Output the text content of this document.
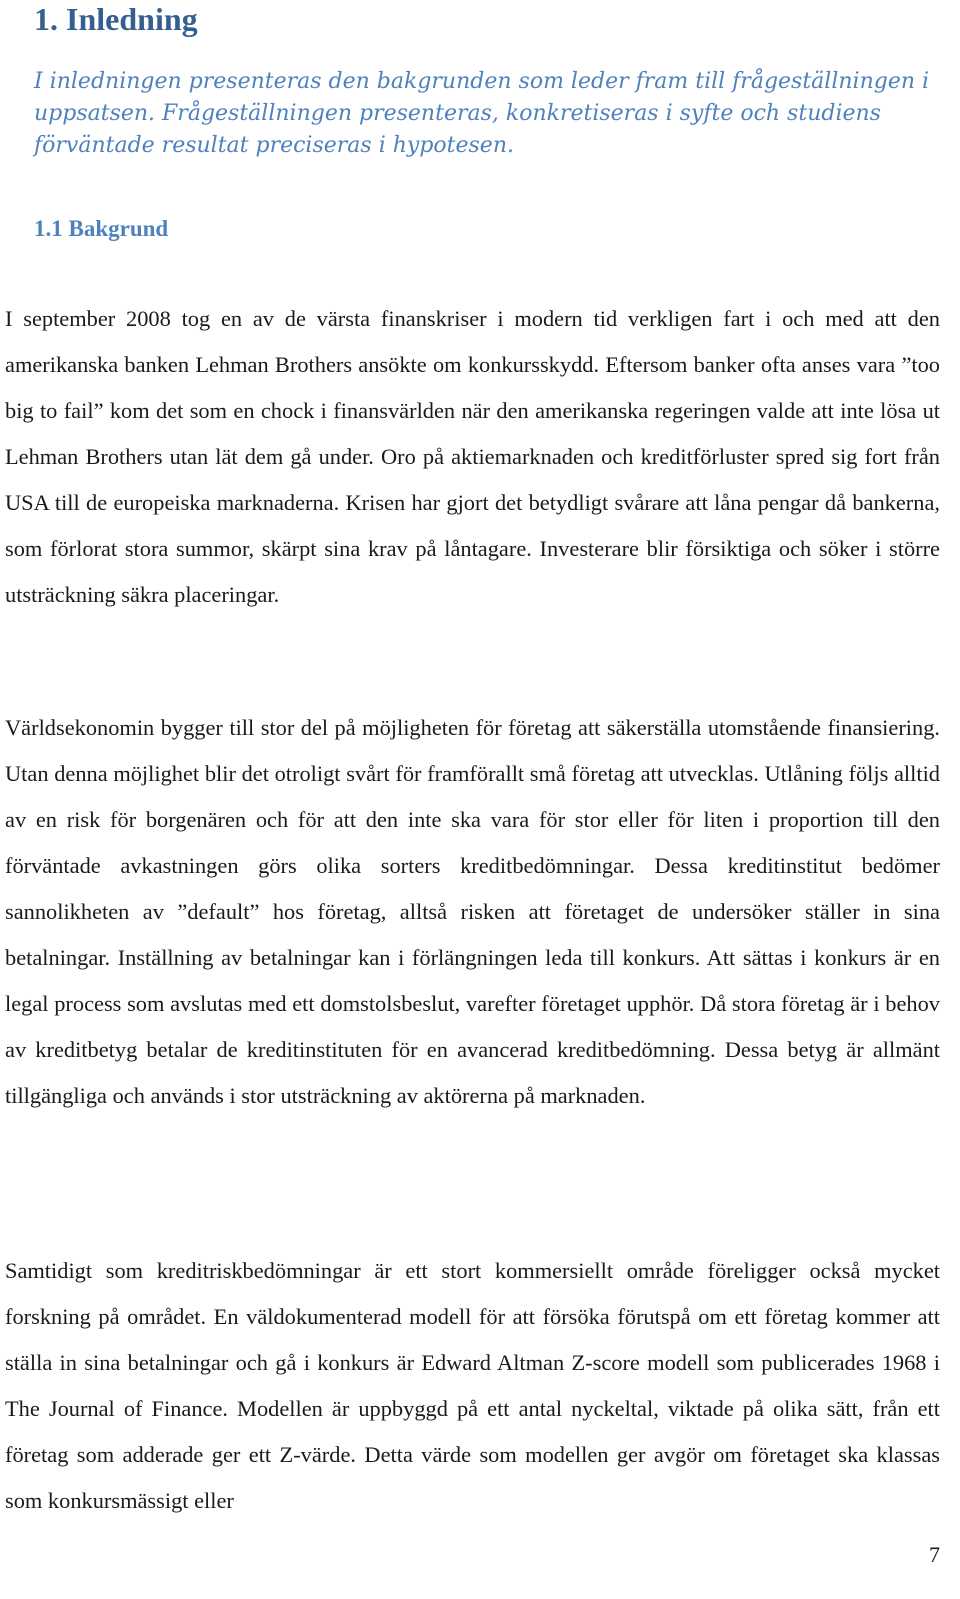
1. Inledning

I inledningen presenteras den bakgrunden som leder fram till frågeställningen i uppsatsen. Frågeställningen presenteras, konkretiseras i syfte och studiens förväntade resultat preciseras i hypotesen.

1.1 Bakgrund

I september 2008 tog en av de värsta finanskriser i modern tid verkligen fart i och med att den amerikanska banken Lehman Brothers ansökte om konkursskydd. Eftersom banker ofta anses vara ”too big to fail” kom det som en chock i finansvärlden när den amerikanska regeringen valde att inte lösa ut Lehman Brothers utan lät dem gå under. Oro på aktiemarknaden och kreditförluster spred sig fort från USA till de europeiska marknaderna. Krisen har gjort det betydligt svårare att låna pengar då bankerna, som förlorat stora summor, skärpt sina krav på låntagare. Investerare blir försiktiga och söker i större utsträckning säkra placeringar.

Världsekonomin bygger till stor del på möjligheten för företag att säkerställa utomstående finansiering. Utan denna möjlighet blir det otroligt svårt för framförallt små företag att utvecklas. Utlåning följs alltid av en risk för borgenären och för att den inte ska vara för stor eller för liten i proportion till den förväntade avkastningen görs olika sorters kreditbedömningar. Dessa kreditinstitut bedömer sannolikheten av ”default” hos företag, alltså risken att företaget de undersöker ställer in sina betalningar. Inställning av betalningar kan i förlängningen leda till konkurs. Att sättas i konkurs är en legal process som avslutas med ett domstolsbeslut, varefter företaget upphör. Då stora företag är i behov av kreditbetyg betalar de kreditinstituten för en avancerad kreditbedömning. Dessa betyg är allmänt tillgängliga och används i stor utsträckning av aktörerna på marknaden.

Samtidigt som kreditriskbedömningar är ett stort kommersiellt område föreligger också mycket forskning på området. En väldokumenterad modell för att försöka förutspå om ett företag kommer att ställa in sina betalningar och gå i konkurs är Edward Altman Z-score modell som publicerades 1968 i The Journal of Finance. Modellen är uppbyggd på ett antal nyckeltal, viktade på olika sätt, från ett företag som adderade ger ett Z-värde. Detta värde som modellen ger avgör om företaget ska klassas som konkursmässigt eller

7
